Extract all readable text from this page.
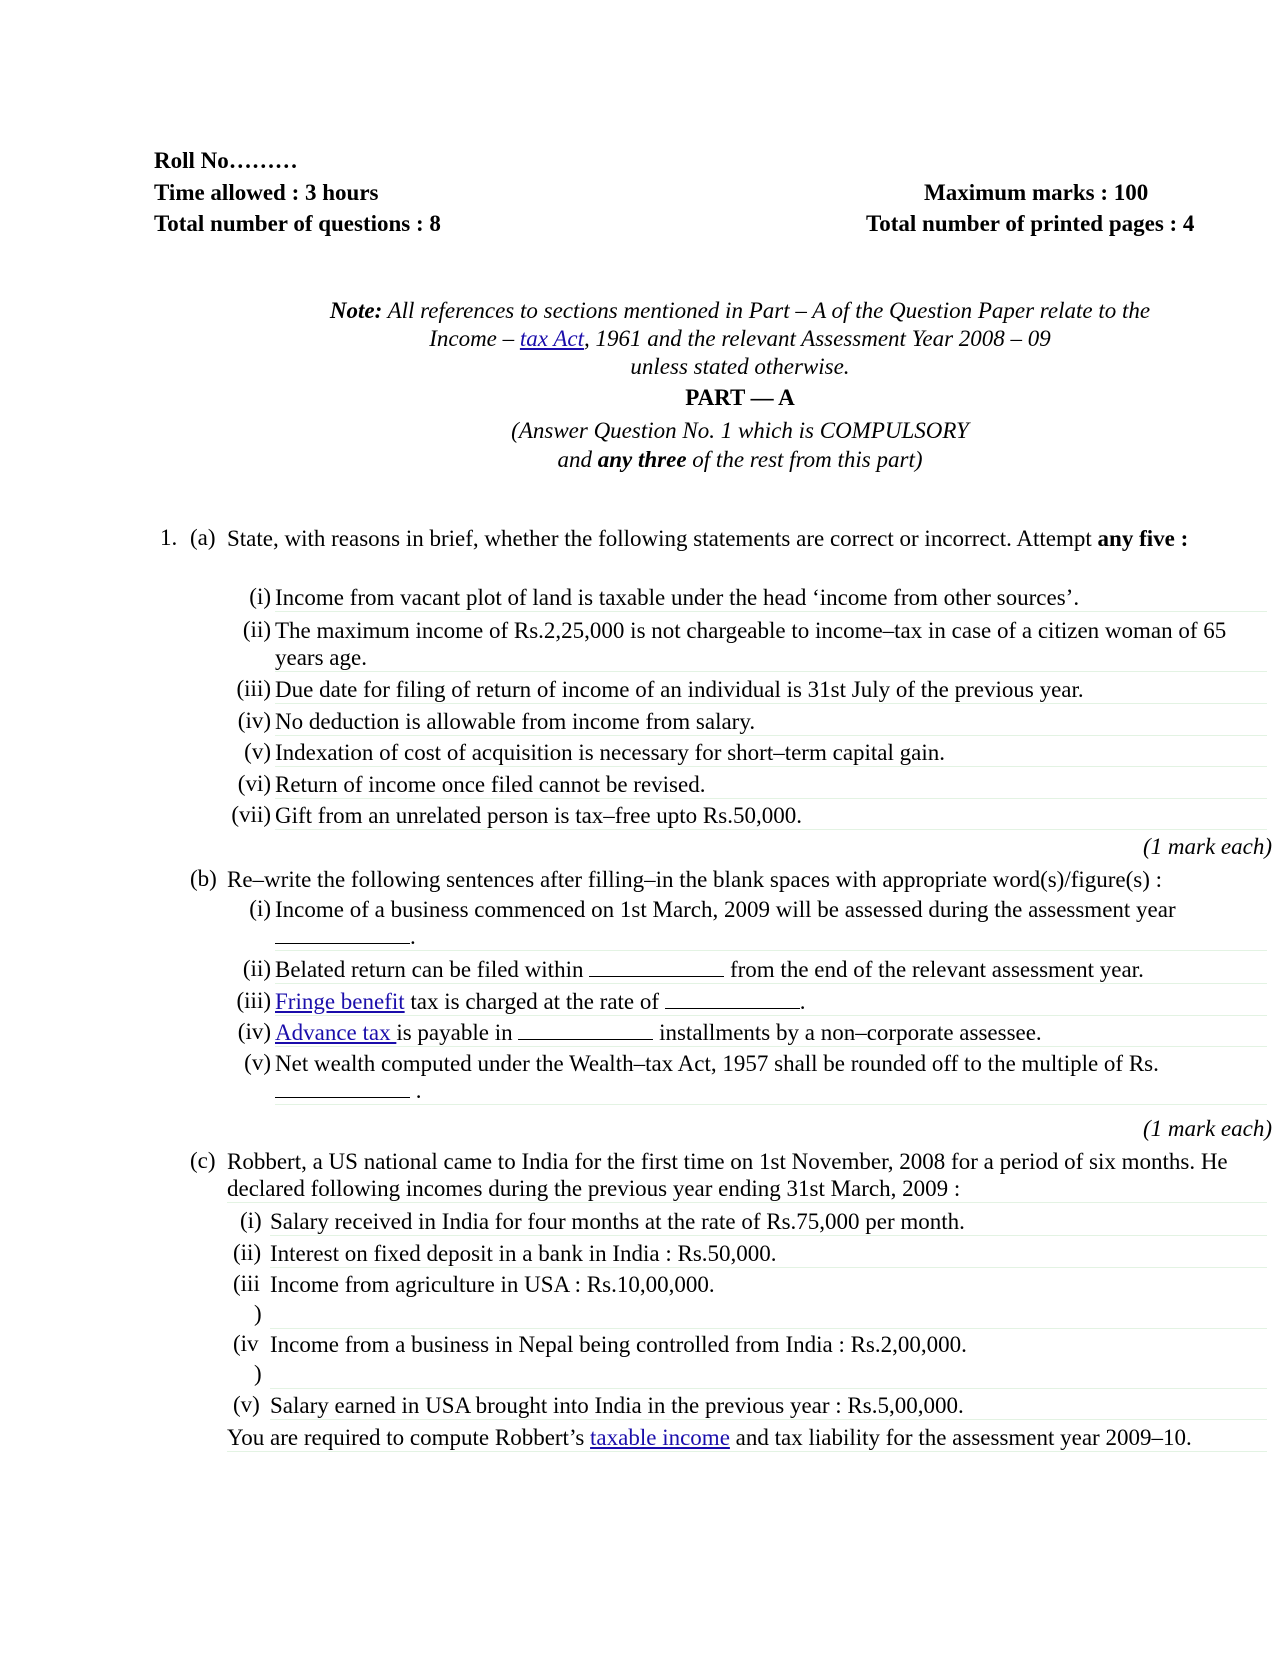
Roll No………
Time allowed : 3 hours	Maximum marks : 100
Total number of questions : 8	Total number of printed pages : 4
Note: All references to sections mentioned in Part – A of the Question Paper relate to the
Income – tax Act, 1961 and the relevant Assessment Year 2008 – 09
unless stated otherwise.
PART — A
(Answer Question No. 1 which is COMPULSORY
and any three of the rest from this part)
1. (a) State, with reasons in brief, whether the following statements are correct or incorrect. Attempt any five :
(i) Income from vacant plot of land is taxable under the head ‘income from other sources’.
(ii) The maximum income of Rs.2,25,000 is not chargeable to income–tax in case of a citizen woman of 65 years age.
(iii) Due date for filing of return of income of an individual is 31st July of the previous year.
(iv) No deduction is allowable from income from salary.
(v) Indexation of cost of acquisition is necessary for short–term capital gain.
(vi) Return of income once filed cannot be revised.
(vii) Gift from an unrelated person is tax–free upto Rs.50,000.
(1 mark each)
(b) Re–write the following sentences after filling–in the blank spaces with appropriate word(s)/figure(s) :
(i) Income of a business commenced on 1st March, 2009 will be assessed during the assessment year
.
(ii) Belated return can be filed within	from the end of the relevant assessment year.
(iii) Fringe benefit tax is charged at the rate of	.
(iv) Advance tax is payable in	installments by a non–corporate assessee.
(v) Net wealth computed under the Wealth–tax Act, 1957 shall be rounded off to the multiple of Rs.
.
(1 mark each)
(c) Robbert, a US national came to India for the first time on 1st November, 2008 for a period of six months. He declared following incomes during the previous year ending 31st March, 2009 :
(i) Salary received in India for four months at the rate of Rs.75,000 per month.
(ii) Interest on fixed deposit in a bank in India : Rs.50,000.
(iii
)
Income from agriculture in USA : Rs.10,00,000.
(iv
)
Income from a business in Nepal being controlled from India : Rs.2,00,000.
(v) Salary earned in USA brought into India in the previous year : Rs.5,00,000.
You are required to compute Robbert’s taxable income and tax liability for the assessment year 2009–10.
